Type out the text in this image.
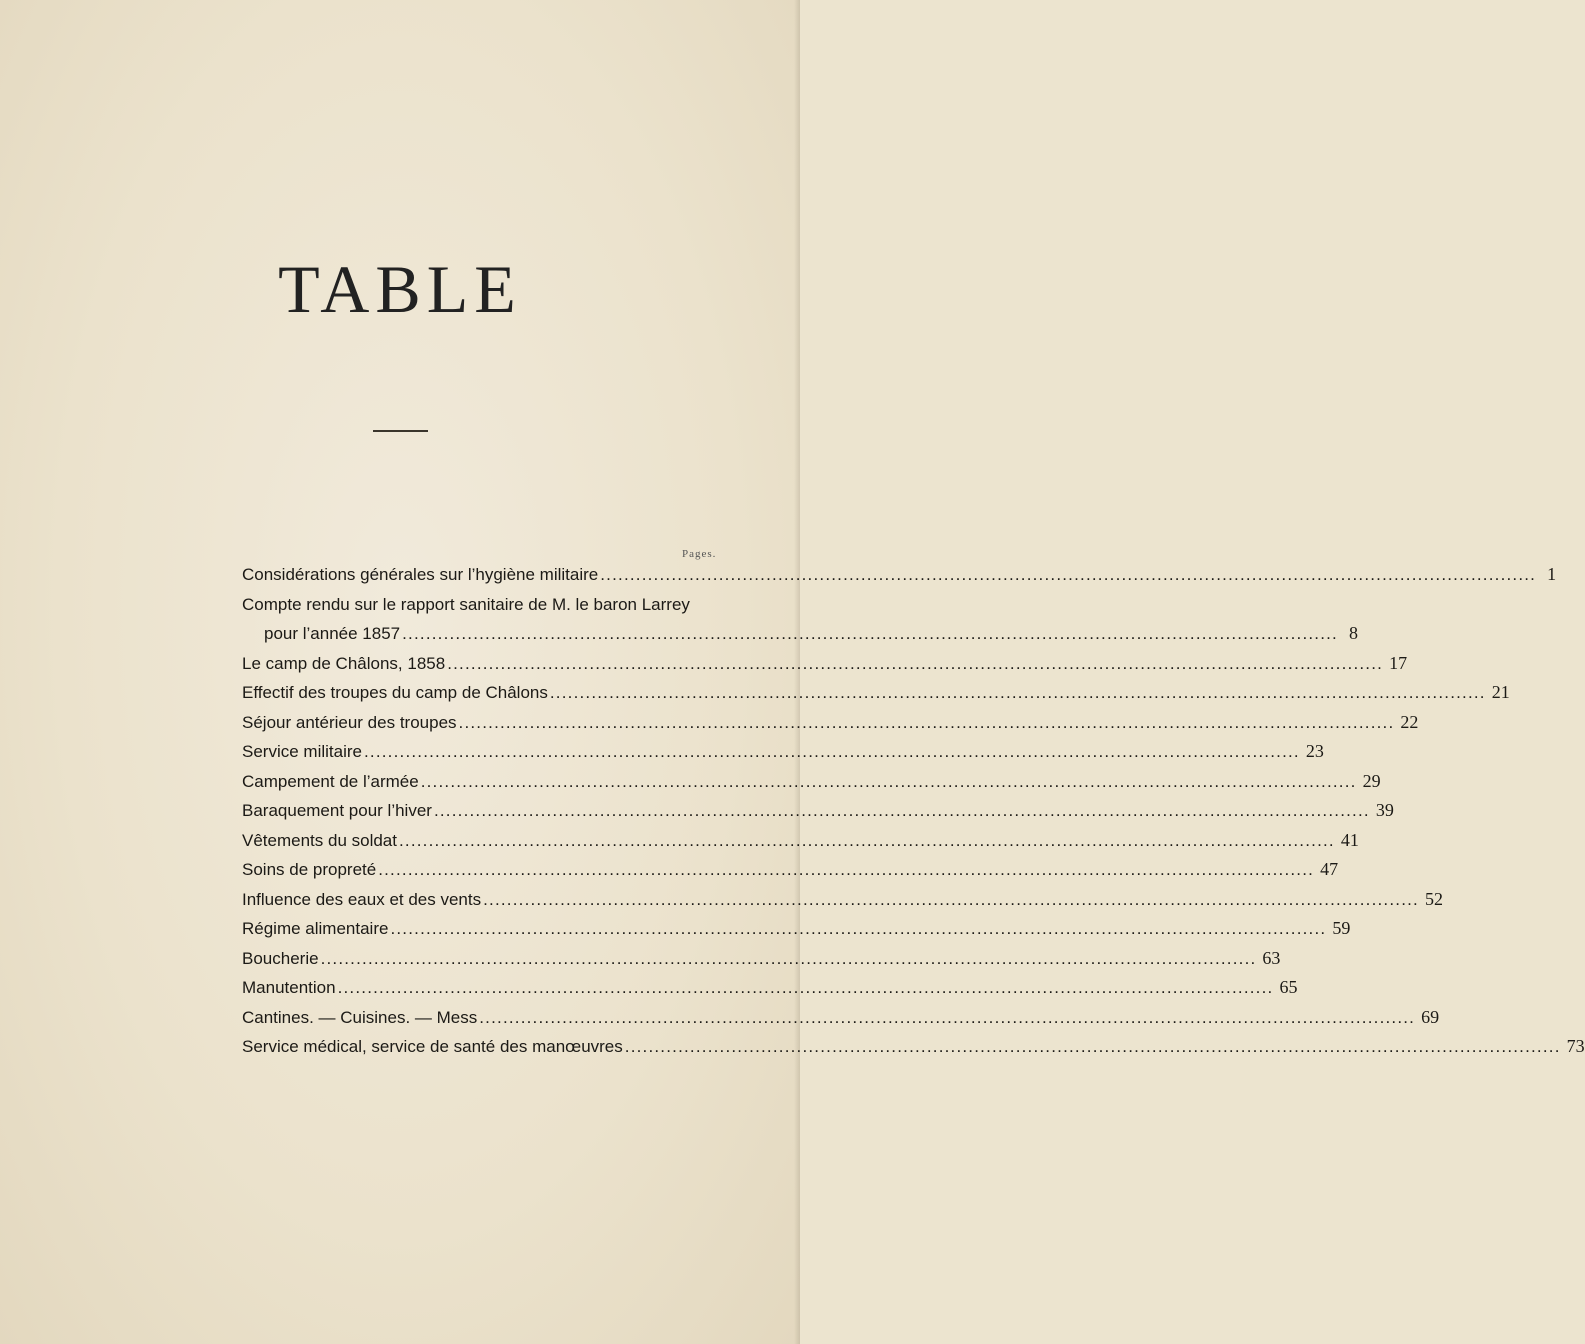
TABLE
Pages.
Considérations générales sur l’hygiène militaire .....	1
Compte rendu sur le rapport sanitaire de M. le baron Larrey
pour l’année 1857 .....	8
Le camp de Châlons, 1858 .....	17
Effectif des troupes du camp de Châlons .....	21
Séjour antérieur des troupes .....	22
Service militaire .....	23
Campement de l’armée .....	29
Baraquement pour l’hiver .....	39
Vêtements du soldat .....	41
Soins de propreté .....	47
Influence des eaux et des vents .....	52
Régime alimentaire .....	59
Boucherie .....	63
Manutention .....	65
Cantines. — Cuisines. — Mess .....	69
Service médical, service de santé des manœuvres .....	73
